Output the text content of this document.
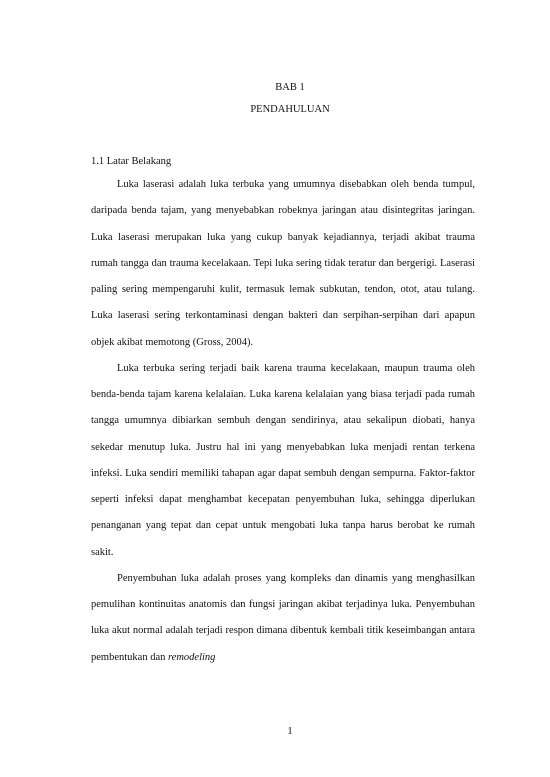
BAB 1
PENDAHULUAN
1.1 Latar Belakang

Luka laserasi adalah luka terbuka yang umumnya disebabkan oleh benda tumpul, daripada benda tajam, yang menyebabkan robeknya jaringan atau disintegritas jaringan. Luka laserasi merupakan luka yang cukup banyak kejadiannya, terjadi akibat trauma rumah tangga dan trauma kecelakaan. Tepi luka sering tidak teratur dan bergerigi. Laserasi paling sering mempengaruhi kulit, termasuk lemak subkutan, tendon, otot, atau tulang. Luka laserasi sering terkontaminasi dengan bakteri dan serpihan-serpihan dari apapun objek akibat memotong (Gross, 2004).

Luka terbuka sering terjadi baik karena trauma kecelakaan, maupun trauma oleh benda-benda tajam karena kelalaian. Luka karena kelalaian yang biasa terjadi pada rumah tangga umumnya dibiarkan sembuh dengan sendirinya, atau sekalipun diobati, hanya sekedar menutup luka. Justru hal ini yang menyebabkan luka menjadi rentan terkena infeksi. Luka sendiri memiliki tahapan agar dapat sembuh dengan sempurna. Faktor-faktor seperti infeksi dapat menghambat kecepatan penyembuhan luka, sehingga diperlukan penanganan yang tepat dan cepat untuk mengobati luka tanpa harus berobat ke rumah sakit.

Penyembuhan luka adalah proses yang kompleks dan dinamis yang menghasilkan pemulihan kontinuitas anatomis dan fungsi jaringan akibat terjadinya luka. Penyembuhan luka akut normal adalah terjadi respon dimana dibentuk kembali titik keseimbangan antara pembentukan dan remodeling

1
